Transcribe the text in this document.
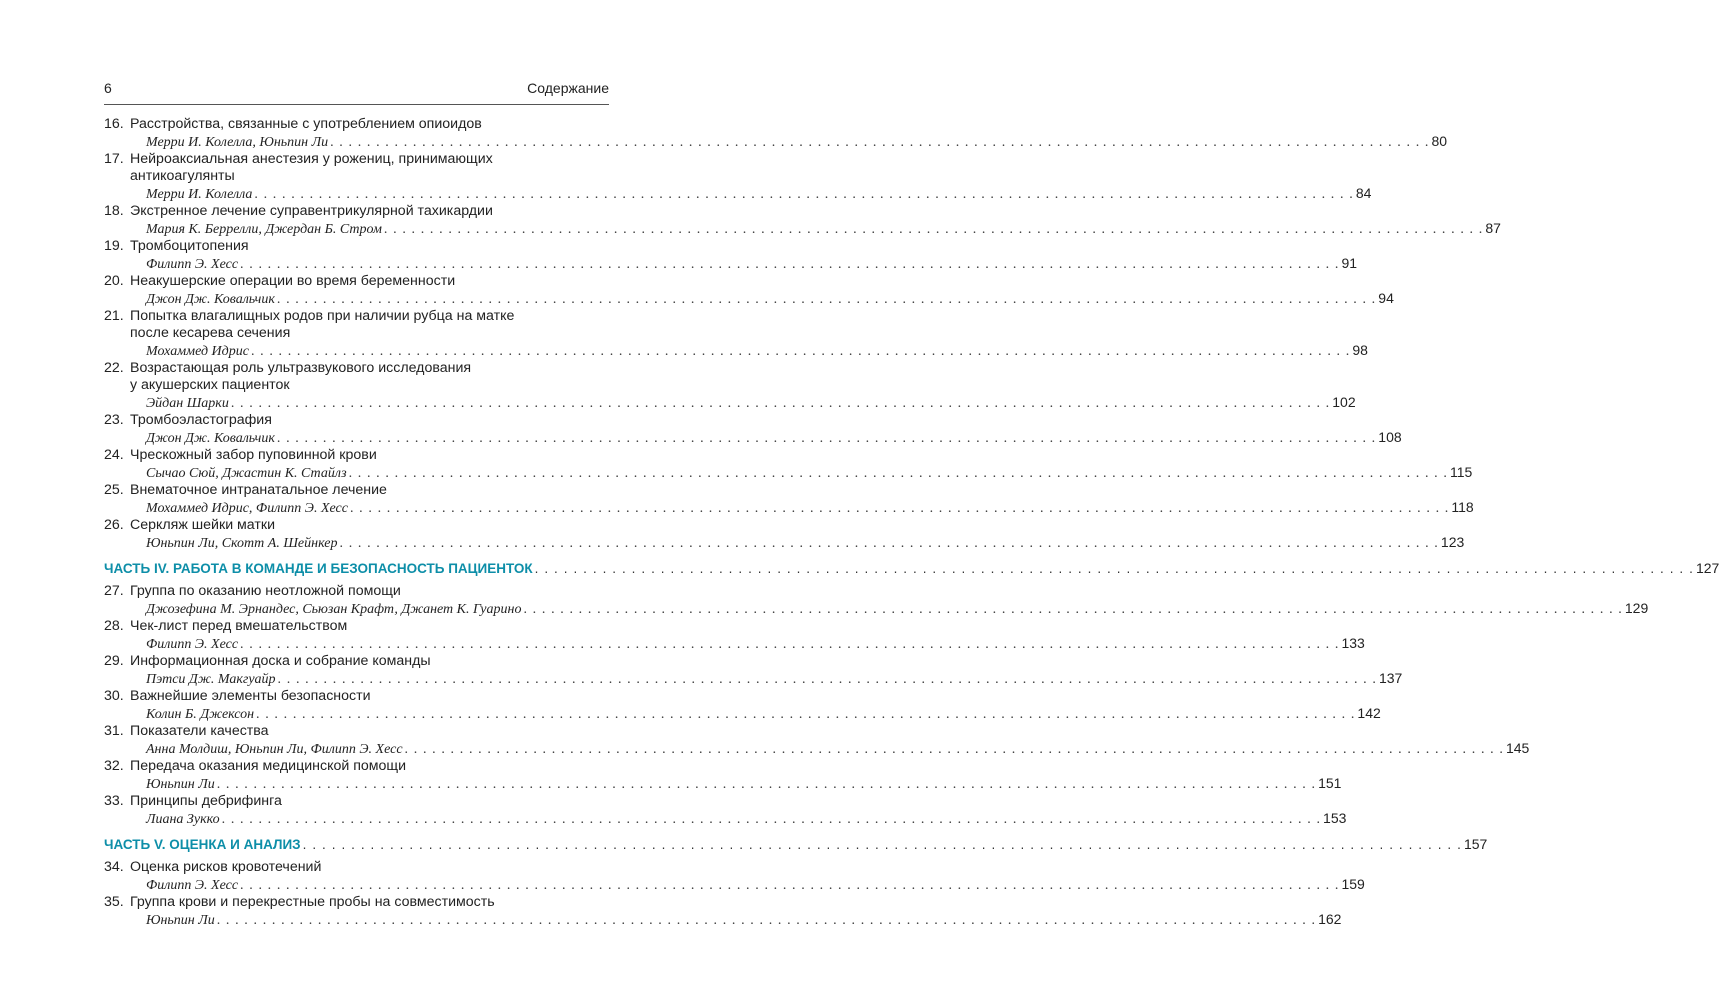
6	Содержание
16. Расстройства, связанные с употреблением опиоидов
Мерри И. Колелла, Юньпин Ли . . . . . . . . . . . . . . . . . . . . . . . . . . . . . . . . . . . . . . . . . . . . . . . . . . . . . . . . . . . . . . . . . . . . . . . . . . . . . . . . . . . . . . . . . . . . . . . . . . . . . . . . . . . . . . . . . . . . . . . . 80
17. Нейроаксиальная анестезия у рожениц, принимающих
антикоагулянты
Мерри И. Колелла . . . . . . . . . . . . . . . . . . . . . . . . . . . . . . . . . . . . . . . . . . . . . . . . . . . . . . . . . . . . . . . . . . . . . . . . . . . . . . . . . . . . . . . . . . . . . . . . . . . . . . . . . . . . . . . . . . . . . . . . 84
18. Экстренное лечение суправентрикулярной тахикардии
Мария К. Беррелли, Джердан Б. Стром . . . . . . . . . . . . . . . . . . . . . . . . . . . . . . . . . . . . . . . . . . . . . . . . . . . . . . . . . . . . . . . . . . . . . . . . . . . . . . . . . . . . . . . . . . . . . . . . . . . . . . . . . . . . . . . . . . . . . . . . 87
19. Тромбоцитопения
Филипп Э. Хесс . . . . . . . . . . . . . . . . . . . . . . . . . . . . . . . . . . . . . . . . . . . . . . . . . . . . . . . . . . . . . . . . . . . . . . . . . . . . . . . . . . . . . . . . . . . . . . . . . . . . . . . . . . . . . . . . . . . . . . . . 91
20. Неакушерские операции во время беременности
Джон Дж. Ковальчик . . . . . . . . . . . . . . . . . . . . . . . . . . . . . . . . . . . . . . . . . . . . . . . . . . . . . . . . . . . . . . . . . . . . . . . . . . . . . . . . . . . . . . . . . . . . . . . . . . . . . . . . . . . . . . . . . . . . . . . . 94
21. Попытка влагалищных родов при наличии рубца на матке
после кесарева сечения
Мохаммед Идрис . . . . . . . . . . . . . . . . . . . . . . . . . . . . . . . . . . . . . . . . . . . . . . . . . . . . . . . . . . . . . . . . . . . . . . . . . . . . . . . . . . . . . . . . . . . . . . . . . . . . . . . . . . . . . . . . . . . . . . . . 98
22. Возрастающая роль ультразвукового исследования
у акушерских пациенток
Эйдан Шарки . . . . . . . . . . . . . . . . . . . . . . . . . . . . . . . . . . . . . . . . . . . . . . . . . . . . . . . . . . . . . . . . . . . . . . . . . . . . . . . . . . . . . . . . . . . . . . . . . . . . . . . . . . . . . . . . . . . . . . . . 102
23. Тромбоэластография
Джон Дж. Ковальчик . . . . . . . . . . . . . . . . . . . . . . . . . . . . . . . . . . . . . . . . . . . . . . . . . . . . . . . . . . . . . . . . . . . . . . . . . . . . . . . . . . . . . . . . . . . . . . . . . . . . . . . . . . . . . . . . . . . . . . . . 108
24. Чрескожный забор пуповинной крови
Сычао Сюй, Джастин К. Стайлз . . . . . . . . . . . . . . . . . . . . . . . . . . . . . . . . . . . . . . . . . . . . . . . . . . . . . . . . . . . . . . . . . . . . . . . . . . . . . . . . . . . . . . . . . . . . . . . . . . . . . . . . . . . . . . . . . . . . . . . . 115
25. Внематочное интранатальное лечение
Мохаммед Идрис, Филипп Э. Хесс . . . . . . . . . . . . . . . . . . . . . . . . . . . . . . . . . . . . . . . . . . . . . . . . . . . . . . . . . . . . . . . . . . . . . . . . . . . . . . . . . . . . . . . . . . . . . . . . . . . . . . . . . . . . . . . . . . . . . . . . 118
26. Серкляж шейки матки
Юньпин Ли, Скотт А. Шейнкер . . . . . . . . . . . . . . . . . . . . . . . . . . . . . . . . . . . . . . . . . . . . . . . . . . . . . . . . . . . . . . . . . . . . . . . . . . . . . . . . . . . . . . . . . . . . . . . . . . . . . . . . . . . . . . . . . . . . . . . . 123
ЧАСТЬ IV. РАБОТА В КОМАНДЕ И БЕЗОПАСНОСТЬ ПАЦИЕНТОК . . . . . . . . . . . . . . . . . . . . . . . . . . . . . . . . . . . . . . . . . . . . . . . . . . . . . . . . . . . . . . . . . . . . . . . . . . . . . . . . . . . . . . . . . . . . . . . . . . . . . . . . . . . . . . . . . . . . . . . . 127
27. Группа по оказанию неотложной помощи
Джозефина М. Эрнандес, Сьюзан Крафт, Джанет К. Гуарино . . . . . . . . . . . . . . . . . . . . . . . . . . . . . . . . . . . . . . . . . . . . . . . . . . . . . . . . . . . . . . . . . . . . . . . . . . . . . . . . . . . . . . . . . . . . . . . . . . . . . . . . . . . . . . . . . . . . . . . . 129
28. Чек-лист перед вмешательством
Филипп Э. Хесс . . . . . . . . . . . . . . . . . . . . . . . . . . . . . . . . . . . . . . . . . . . . . . . . . . . . . . . . . . . . . . . . . . . . . . . . . . . . . . . . . . . . . . . . . . . . . . . . . . . . . . . . . . . . . . . . . . . . . . . . 133
29. Информационная доска и собрание команды
Пэтси Дж. Макгуайр . . . . . . . . . . . . . . . . . . . . . . . . . . . . . . . . . . . . . . . . . . . . . . . . . . . . . . . . . . . . . . . . . . . . . . . . . . . . . . . . . . . . . . . . . . . . . . . . . . . . . . . . . . . . . . . . . . . . . . . . 137
30. Важнейшие элементы безопасности
Колин Б. Джексон . . . . . . . . . . . . . . . . . . . . . . . . . . . . . . . . . . . . . . . . . . . . . . . . . . . . . . . . . . . . . . . . . . . . . . . . . . . . . . . . . . . . . . . . . . . . . . . . . . . . . . . . . . . . . . . . . . . . . . . . 142
31. Показатели качества
Анна Молдиш, Юньпин Ли, Филипп Э. Хесс . . . . . . . . . . . . . . . . . . . . . . . . . . . . . . . . . . . . . . . . . . . . . . . . . . . . . . . . . . . . . . . . . . . . . . . . . . . . . . . . . . . . . . . . . . . . . . . . . . . . . . . . . . . . . . . . . . . . . . . . 145
32. Передача оказания медицинской помощи
Юньпин Ли . . . . . . . . . . . . . . . . . . . . . . . . . . . . . . . . . . . . . . . . . . . . . . . . . . . . . . . . . . . . . . . . . . . . . . . . . . . . . . . . . . . . . . . . . . . . . . . . . . . . . . . . . . . . . . . . . . . . . . . . 151
33. Принципы дебрифинга
Лиана Зукко . . . . . . . . . . . . . . . . . . . . . . . . . . . . . . . . . . . . . . . . . . . . . . . . . . . . . . . . . . . . . . . . . . . . . . . . . . . . . . . . . . . . . . . . . . . . . . . . . . . . . . . . . . . . . . . . . . . . . . . . 153
ЧАСТЬ V. ОЦЕНКА И АНАЛИЗ . . . . . . . . . . . . . . . . . . . . . . . . . . . . . . . . . . . . . . . . . . . . . . . . . . . . . . . . . . . . . . . . . . . . . . . . . . . . . . . . . . . . . . . . . . . . . . . . . . . . . . . . . . . . . . . . . . . . . . . . 157
34. Оценка рисков кровотечений
Филипп Э. Хесс . . . . . . . . . . . . . . . . . . . . . . . . . . . . . . . . . . . . . . . . . . . . . . . . . . . . . . . . . . . . . . . . . . . . . . . . . . . . . . . . . . . . . . . . . . . . . . . . . . . . . . . . . . . . . . . . . . . . . . . . 159
35. Группа крови и перекрестные пробы на совместимость
Юньпин Ли . . . . . . . . . . . . . . . . . . . . . . . . . . . . . . . . . . . . . . . . . . . . . . . . . . . . . . . . . . . . . . . . . . . . . . . . . . . . . . . . . . . . . . . . . . . . . . . . . . . . . . . . . . . . . . . . . . . . . . . . 162
